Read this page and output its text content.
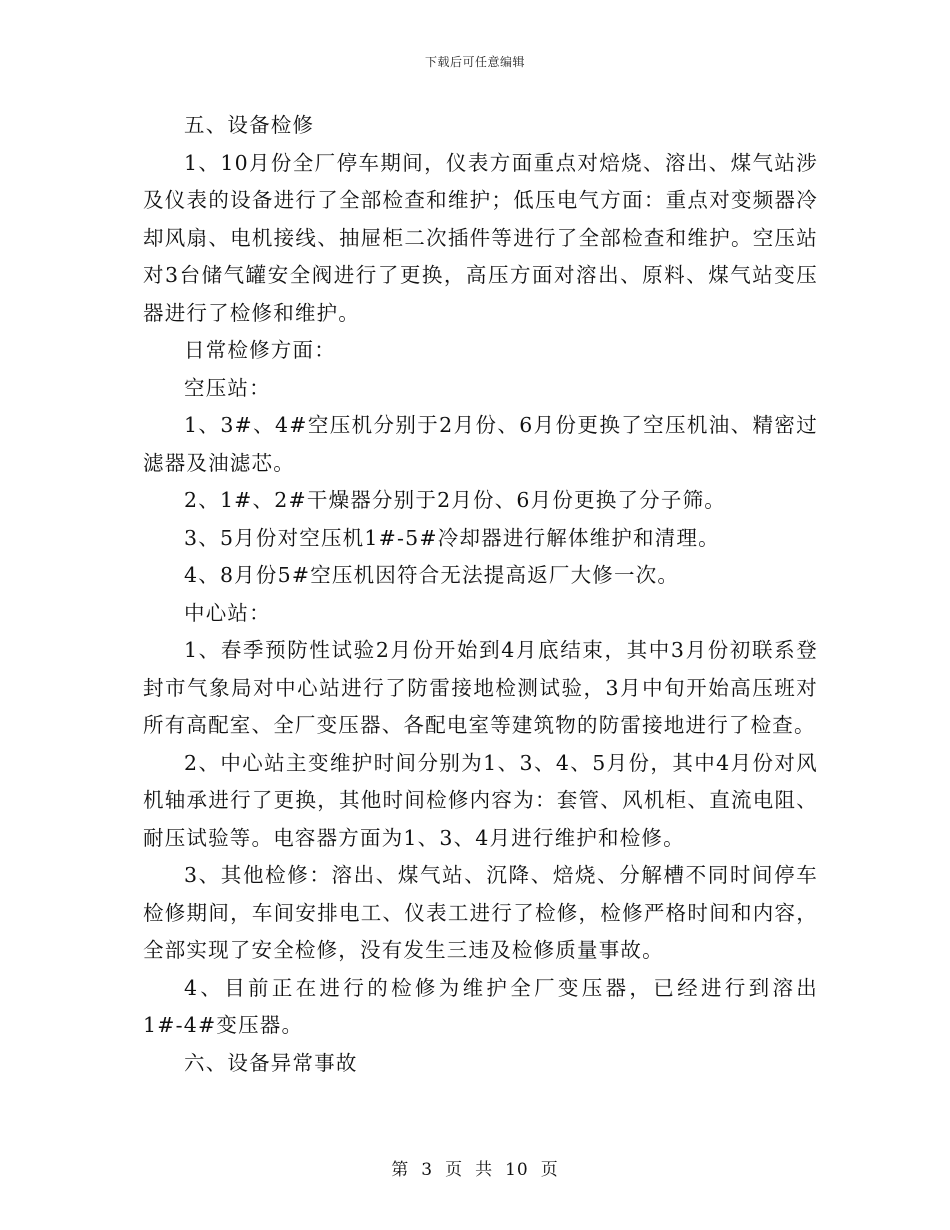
下载后可任意编辑

五、设备检修

1、10月份全厂停车期间，仪表方面重点对焙烧、溶出、煤气站涉及仪表的设备进行了全部检查和维护；低压电气方面：重点对变频器冷却风扇、电机接线、抽屉柜二次插件等进行了全部检查和维护。空压站对3台储气罐安全阀进行了更换，高压方面对溶出、原料、煤气站变压器进行了检修和维护。

日常检修方面：

空压站：

1、3#、4#空压机分别于2月份、6月份更换了空压机油、精密过滤器及油滤芯。

2、1#、2#干燥器分别于2月份、6月份更换了分子筛。

3、5月份对空压机1#-5#冷却器进行解体维护和清理。

4、8月份5#空压机因符合无法提高返厂大修一次。

中心站：

1、春季预防性试验2月份开始到4月底结束，其中3月份初联系登封市气象局对中心站进行了防雷接地检测试验，3月中旬开始高压班对所有高配室、全厂变压器、各配电室等建筑物的防雷接地进行了检查。

2、中心站主变维护时间分别为1、3、4、5月份，其中4月份对风机轴承进行了更换，其他时间检修内容为：套管、风机柜、直流电阻、耐压试验等。电容器方面为1、3、4月进行维护和检修。

3、其他检修：溶出、煤气站、沉降、焙烧、分解槽不同时间停车检修期间，车间安排电工、仪表工进行了检修，检修严格时间和内容，全部实现了安全检修，没有发生三违及检修质量事故。

4、目前正在进行的检修为维护全厂变压器，已经进行到溶出1#-4#变压器。

六、设备异常事故

第 3 页 共 10 页
